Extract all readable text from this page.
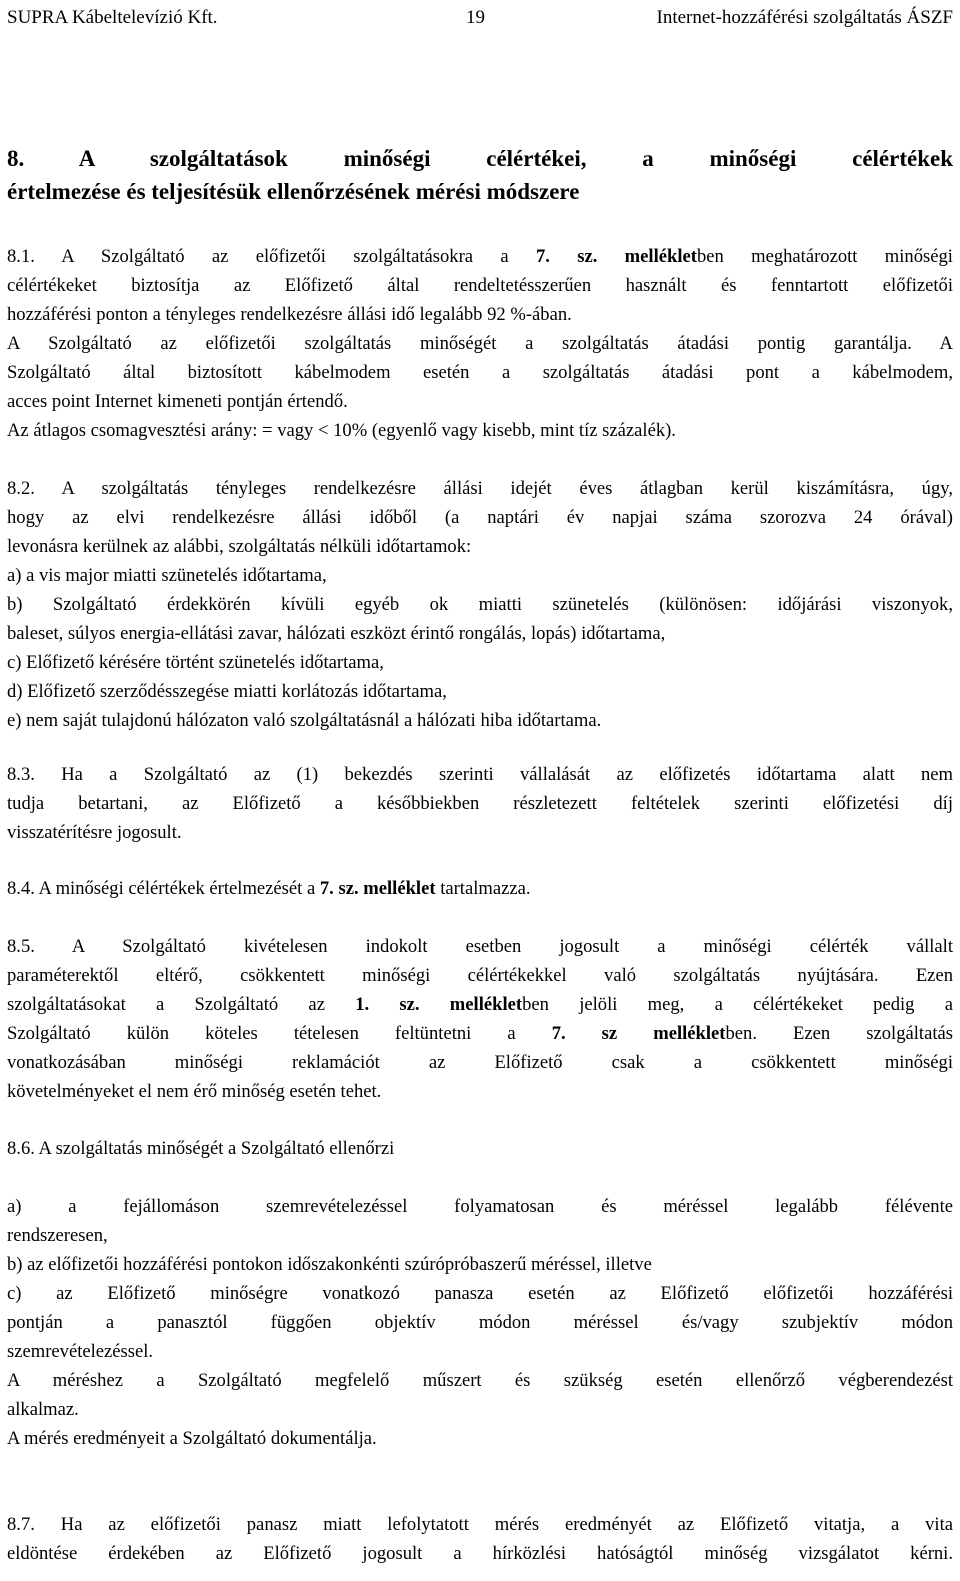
SUPRA Kábeltelevízió Kft.	19	Internet-hozzáférési szolgáltatás ÁSZF
8. A szolgáltatások minőségi célértékei, a minőségi célértékek
értelmezése és teljesítésük ellenőrzésének mérési módszere
8.1. A Szolgáltató az előfizetői szolgáltatásokra a 7. sz. mellékletben meghatározott minőségi
célértékeket biztosítja az Előfizető által rendeltetésszerűen használt és fenntartott előfizetői
hozzáférési ponton a tényleges rendelkezésre állási idő legalább 92 %-ában.
A Szolgáltató az előfizetői szolgáltatás minőségét a szolgáltatás átadási pontig garantálja. A
Szolgáltató által biztosított kábelmodem esetén a szolgáltatás átadási pont a kábelmodem,
acces point Internet kimeneti pontján értendő.
Az átlagos csomagvesztési arány: = vagy < 10% (egyenlő vagy kisebb, mint tíz százalék).
8.2. A szolgáltatás tényleges rendelkezésre állási idejét éves átlagban kerül kiszámításra, úgy,
hogy az elvi rendelkezésre állási időből (a naptári év napjai száma szorozva 24 órával)
levonásra kerülnek az alábbi, szolgáltatás nélküli időtartamok:
a) a vis major miatti szünetelés időtartama,
b) Szolgáltató érdekkörén kívüli egyéb ok miatti szünetelés (különösen: időjárási viszonyok,
baleset, súlyos energia-ellátási zavar, hálózati eszközt érintő rongálás, lopás) időtartama,
c) Előfizető kérésére történt szünetelés időtartama,
d) Előfizető szerződésszegése miatti korlátozás időtartama,
e) nem saját tulajdonú hálózaton való szolgáltatásnál a hálózati hiba időtartama.
8.3. Ha a Szolgáltató az (1) bekezdés szerinti vállalását az előfizetés időtartama alatt nem
tudja betartani, az Előfizető a későbbiekben részletezett feltételek szerinti előfizetési díj
visszatérítésre jogosult.
8.4. A minőségi célértékek értelmezését a 7. sz. melléklet tartalmazza.
8.5. A Szolgáltató kivételesen indokolt esetben jogosult a minőségi célérték vállalt
paraméterektől eltérő, csökkentett minőségi célértékekkel való szolgáltatás nyújtására. Ezen
szolgáltatásokat a Szolgáltató az 1. sz. mellékletben jelöli meg, a célértékeket pedig a
Szolgáltató külön köteles tételesen feltüntetni a 7. sz mellékletben. Ezen szolgáltatás
vonatkozásában minőségi reklamációt az Előfizető csak a csökkentett minőségi
követelményeket el nem érő minőség esetén tehet.
8.6. A szolgáltatás minőségét a Szolgáltató ellenőrzi
a) a fejállomáson szemrevételezéssel folyamatosan és méréssel legalább félévente
rendszeresen,
b) az előfizetői hozzáférési pontokon időszakonkénti szúrópróbaszerű méréssel, illetve
c) az Előfizető minőségre vonatkozó panasza esetén az Előfizető előfizetői hozzáférési
pontján a panasztól függően objektív módon méréssel és/vagy szubjektív módon
szemrevételezéssel.
A méréshez a Szolgáltató megfelelő műszert és szükség esetén ellenőrző végberendezést
alkalmaz.
A mérés eredményeit a Szolgáltató dokumentálja.
8.7. Ha az előfizetői panasz miatt lefolytatott mérés eredményét az Előfizető vitatja, a vita
eldöntése érdekében az Előfizető jogosult a hírközlési hatóságtól minőség vizsgálatot kérni.
